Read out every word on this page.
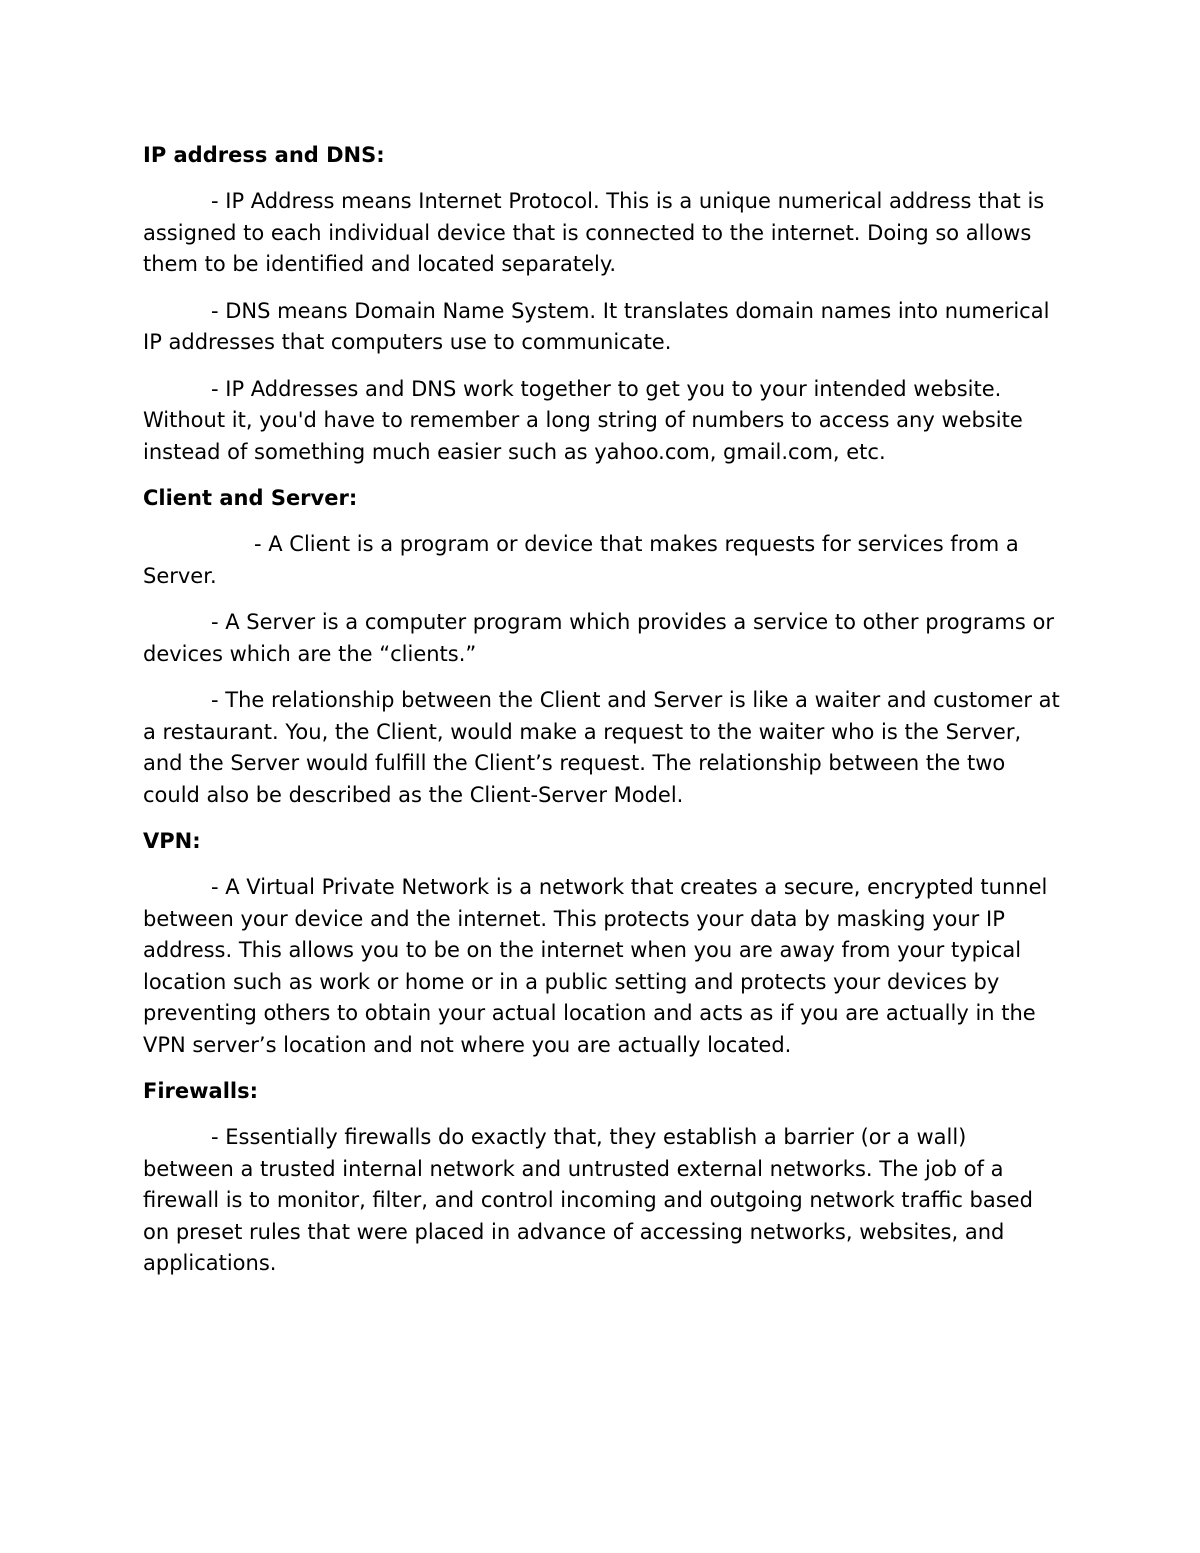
IP address and DNS:

- IP Address means Internet Protocol. This is a unique numerical address that is assigned to each individual device that is connected to the internet. Doing so allows them to be identified and located separately.

- DNS means Domain Name System. It translates domain names into numerical IP addresses that computers use to communicate.

- IP Addresses and DNS work together to get you to your intended website. Without it, you'd have to remember a long string of numbers to access any website instead of something much easier such as yahoo.com, gmail.com, etc.

Client and Server:

- A Client is a program or device that makes requests for services from a Server.

- A Server is a computer program which provides a service to other programs or devices which are the “clients.”

- The relationship between the Client and Server is like a waiter and customer at a restaurant. You, the Client, would make a request to the waiter who is the Server, and the Server would fulfill the Client’s request. The relationship between the two could also be described as the Client-Server Model.

VPN:

- A Virtual Private Network is a network that creates a secure, encrypted tunnel between your device and the internet. This protects your data by masking your IP address. This allows you to be on the internet when you are away from your typical location such as work or home or in a public setting and protects your devices by preventing others to obtain your actual location and acts as if you are actually in the VPN server’s location and not where you are actually located.

Firewalls:

- Essentially firewalls do exactly that, they establish a barrier (or a wall) between a trusted internal network and untrusted external networks. The job of a firewall is to monitor, filter, and control incoming and outgoing network traffic based on preset rules that were placed in advance of accessing networks, websites, and applications.
